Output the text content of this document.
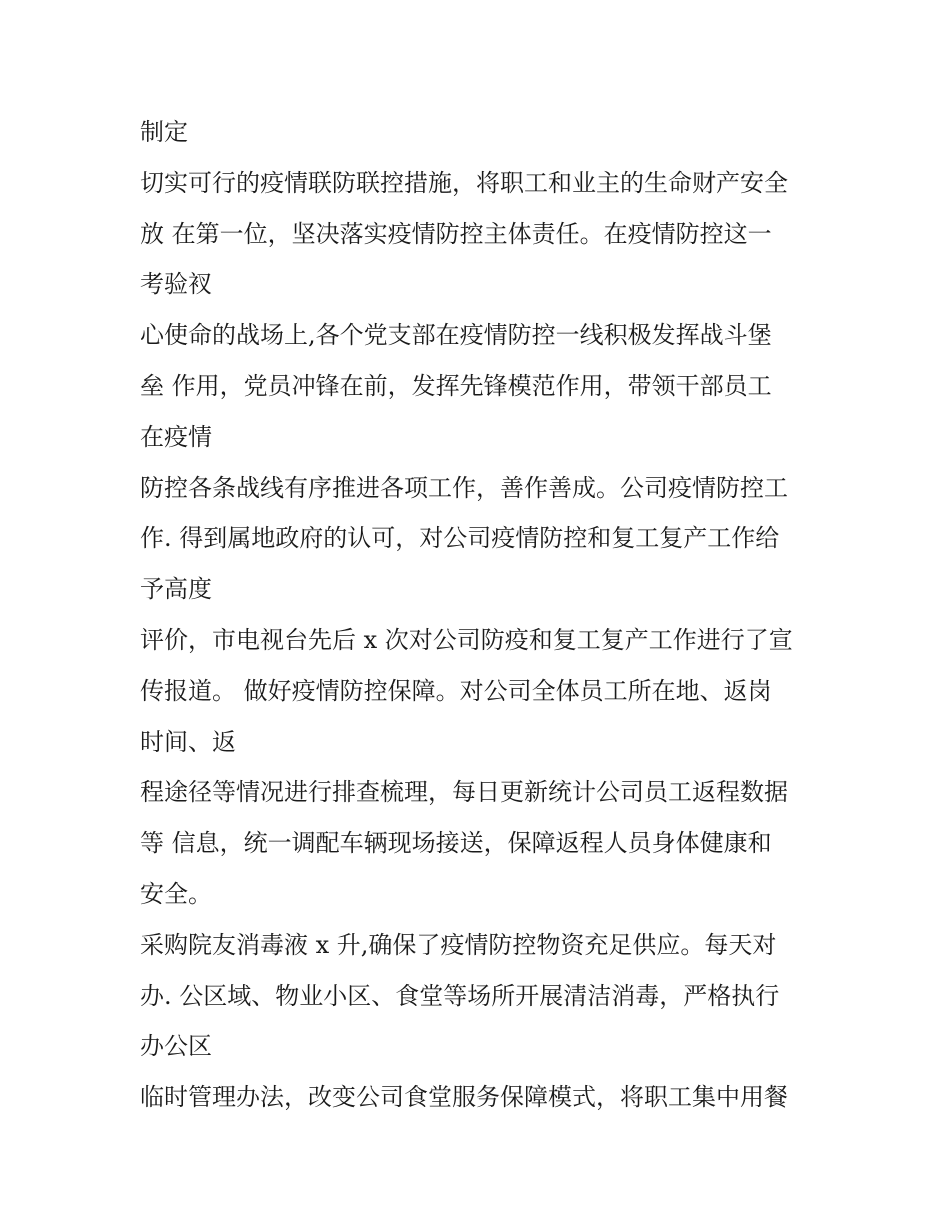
制定

切实可行的疫情联防联控措施，将职工和业主的生命财产安全

放 在第一位，坚决落实疫情防控主体责任。在疫情防控这一

考验衩

心使命的战场上,各个党支部在疫情防控一线积极发挥战斗堡

垒 作用，党员冲锋在前，发挥先锋模范作用，带领干部员工

在疫情

防控各条战线有序推进各项工作，善作善成。公司疫情防控工

作. 得到属地政府的认可，对公司疫情防控和复工复产工作给

予高度

评价，市电视台先后 x 次对公司防疫和复工复产工作进行了宣

传报道。 做好疫情防控保障。对公司全体员工所在地、返岗

时间、返

程途径等情况进行排查梳理，每日更新统计公司员工返程数据

等 信息，统一调配车辆现场接送，保障返程人员身体健康和

安全。

采购院友消毒液 x 升,确保了疫情防控物资充足供应。每天对

办. 公区域、物业小区、食堂等场所开展清洁消毒，严格执行

办公区

临时管理办法，改变公司食堂服务保障模式，将职工集中用餐
